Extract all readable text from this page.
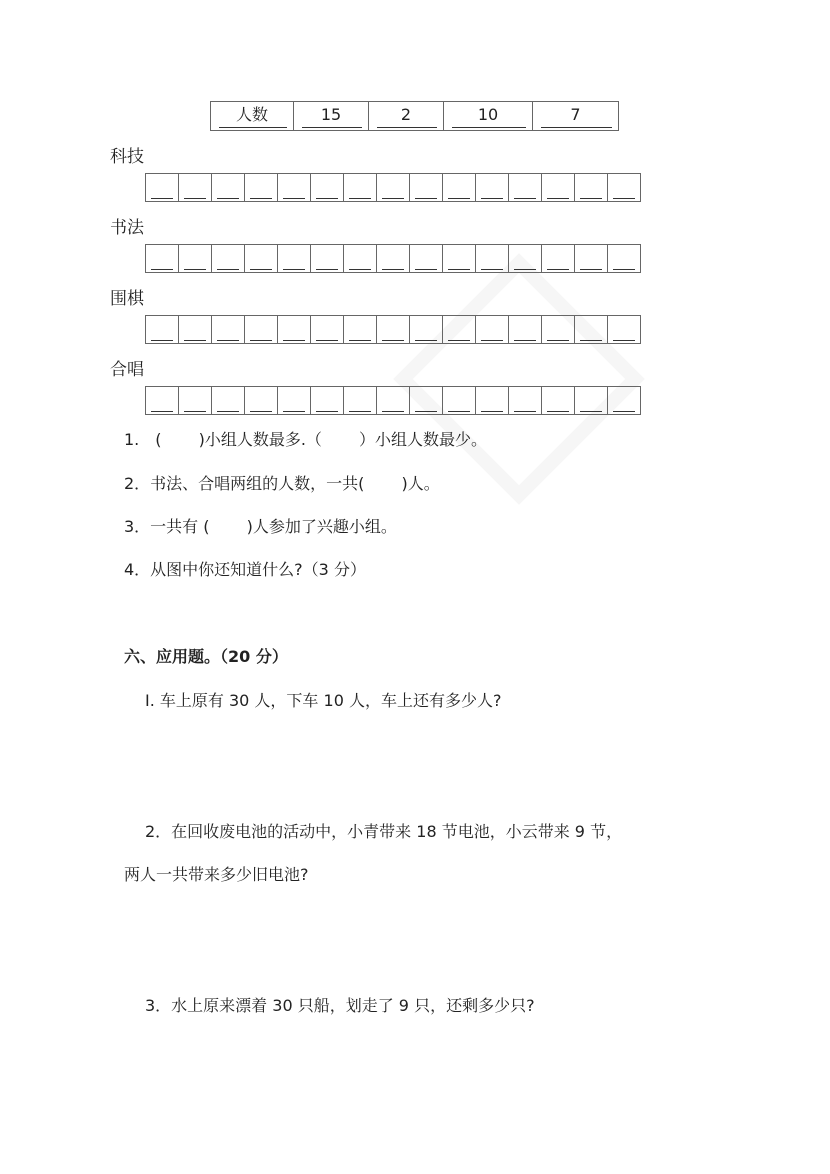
人数	15	2	10	7
科技
书法
围棋
合唱
1.　(　　 )小组人数最多.（　　 ）小组人数最少。
2．书法、合唱两组的人数，一共(　　 )人。
3．一共有 (　　 )人参加了兴趣小组。
4．从图中你还知道什么?（3 分）
六、应用题。（20 分）
I. 车上原有 30 人，下车 10 人，车上还有多少人?
2．在回收废电池的活动中，小青带来 18 节电池，小云带来 9 节，
两人一共带来多少旧电池?
3．水上原来漂着 30 只船，划走了 9 只，还剩多少只?
